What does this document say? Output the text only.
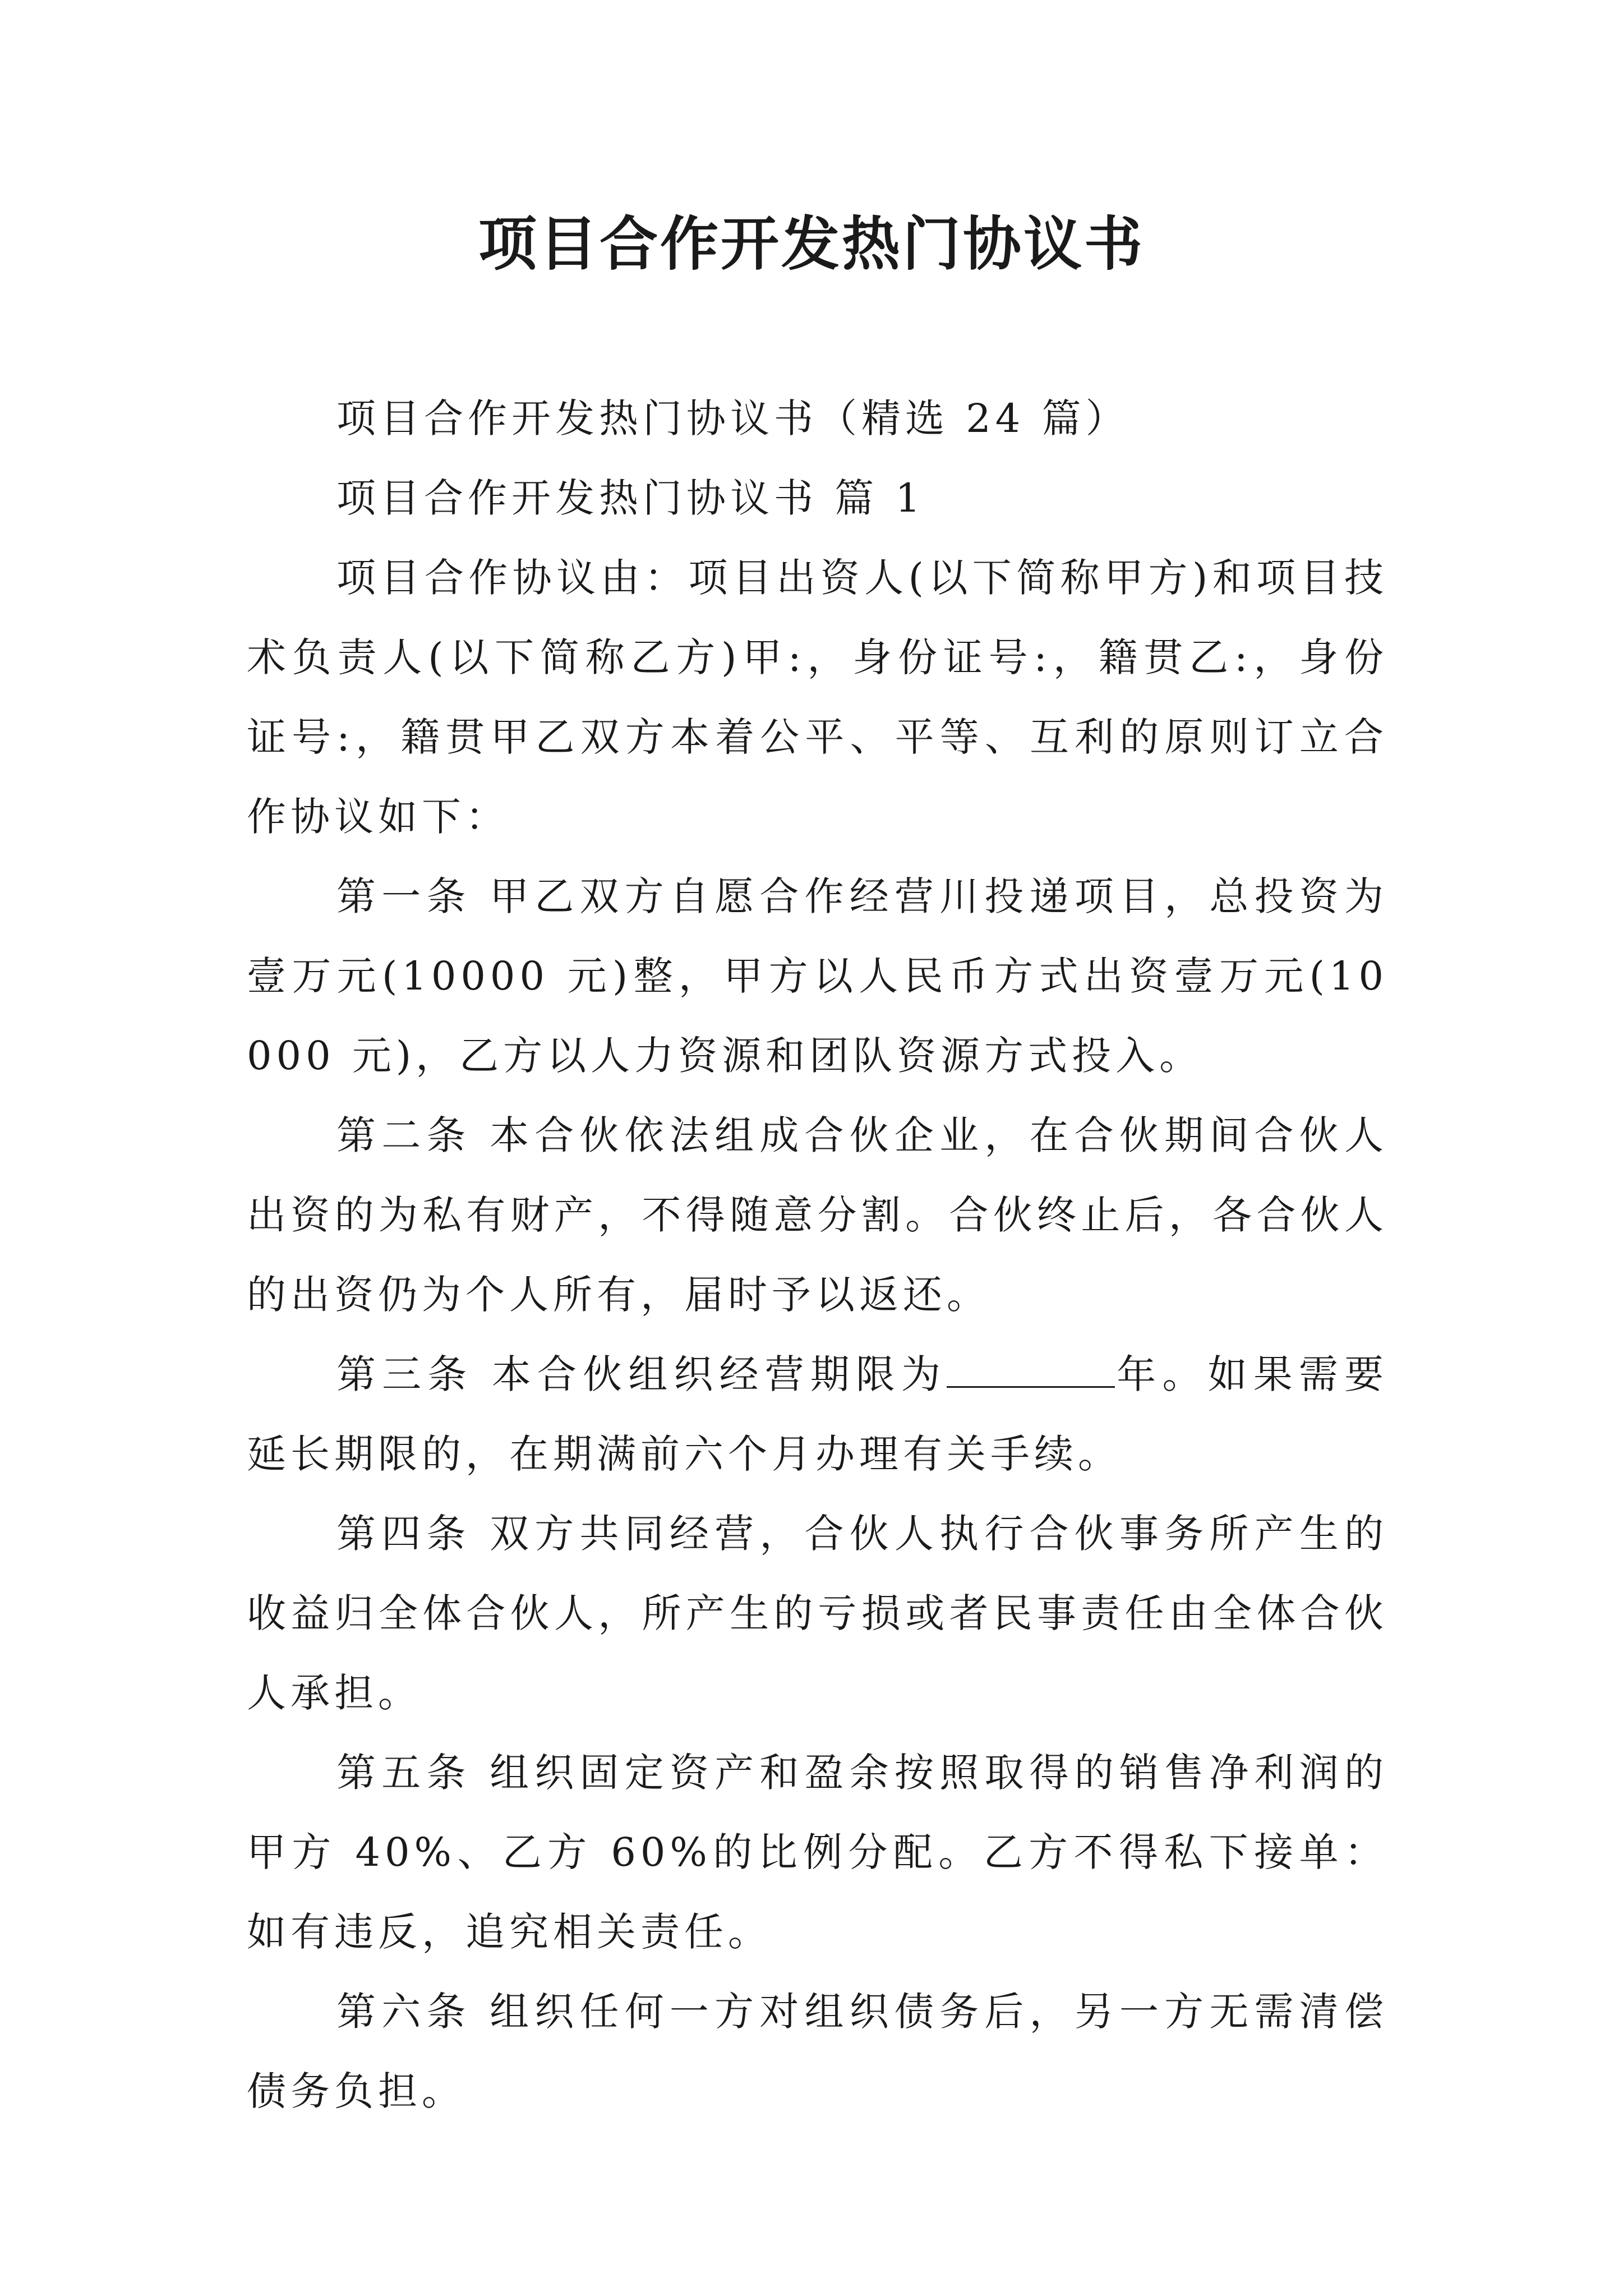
项目合作开发热门协议书

项目合作开发热门协议书（精选 24 篇）

项目合作开发热门协议书 篇 1

项目合作协议由：项目出资人(以下简称甲方)和项目技术负责人(以下简称乙方)甲:，身份证号:，籍贯乙:，身份证号:，籍贯甲乙双方本着公平、平等、互利的原则订立合作协议如下：

第一条 甲乙双方自愿合作经营川投递项目，总投资为壹万元(10000 元)整，甲方以人民币方式出资壹万元(10000 元)，乙方以人力资源和团队资源方式投入。

第二条 本合伙依法组成合伙企业，在合伙期间合伙人出资的为私有财产，不得随意分割。合伙终止后，各合伙人的出资仍为个人所有，届时予以返还。

第三条 本合伙组织经营期限为	年。如果需要延长期限的，在期满前六个月办理有关手续。

第四条 双方共同经营，合伙人执行合伙事务所产生的收益归全体合伙人，所产生的亏损或者民事责任由全体合伙人承担。

第五条 组织固定资产和盈余按照取得的销售净利润的甲方 40%、乙方 60%的比例分配。乙方不得私下接单：如有违反，追究相关责任。

第六条 组织任何一方对组织债务后，另一方无需清偿债务负担。
